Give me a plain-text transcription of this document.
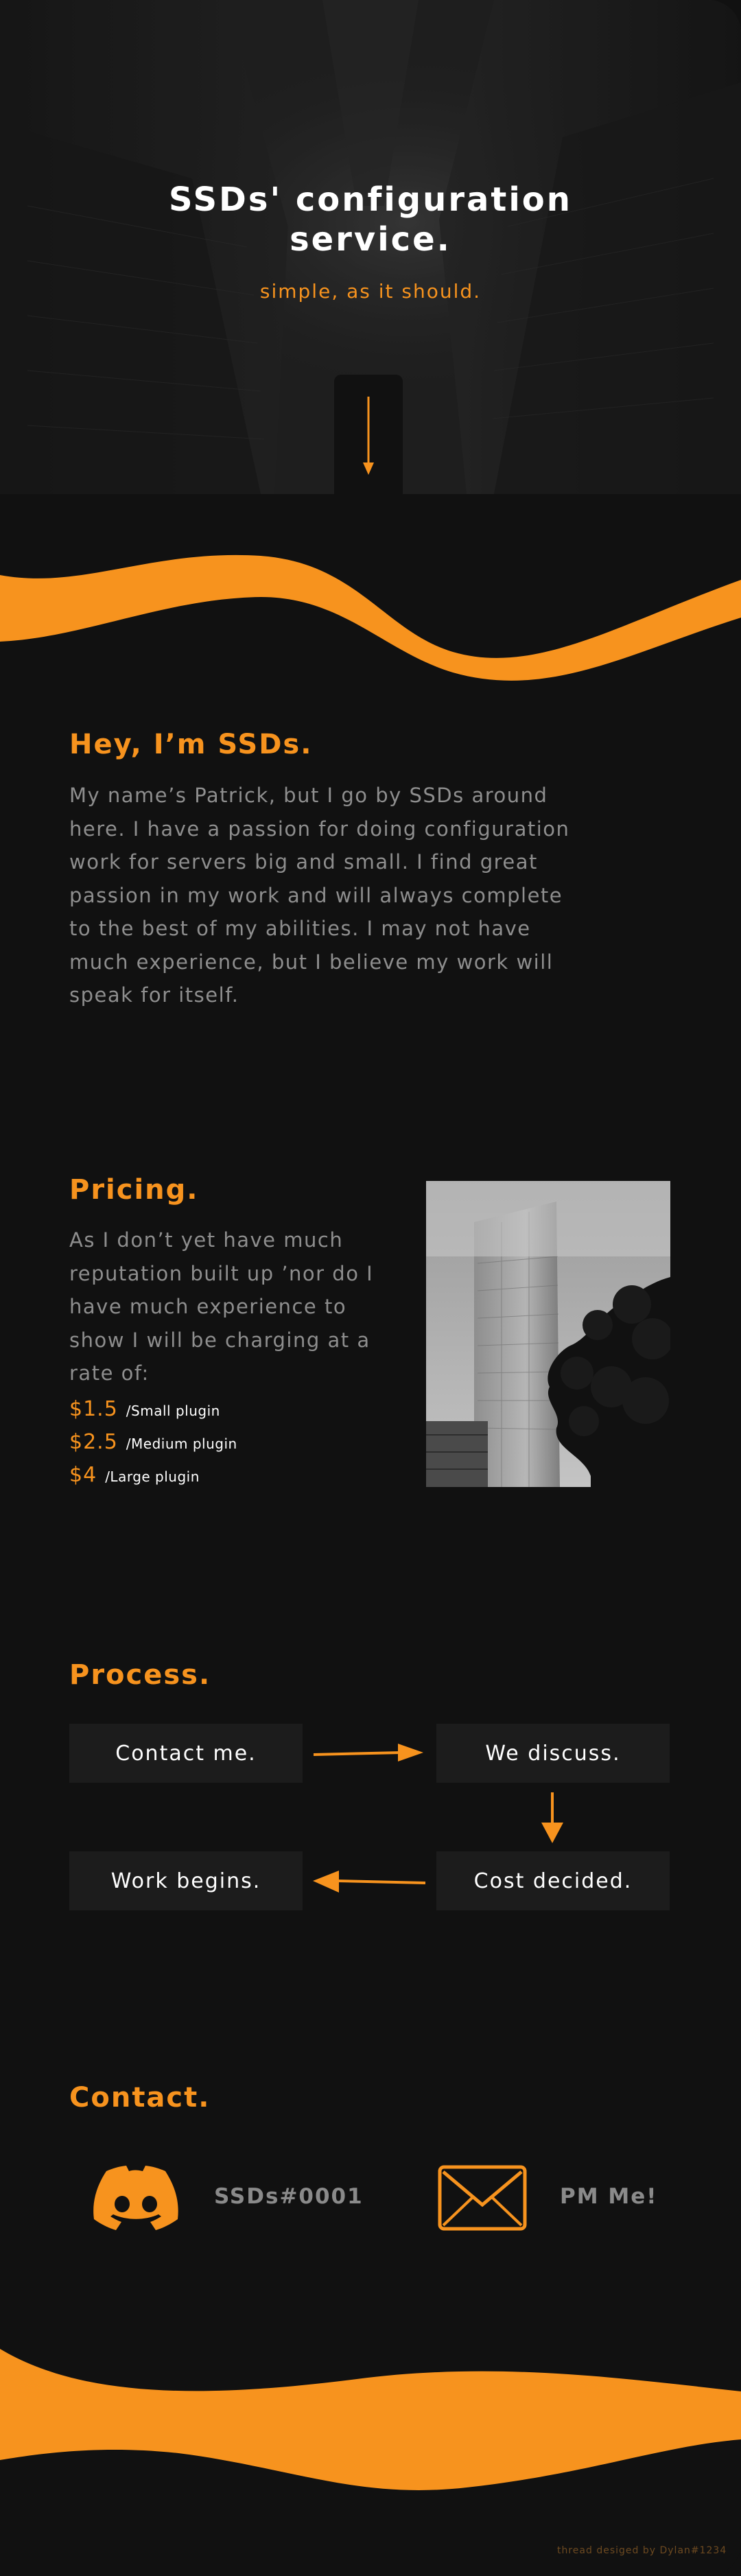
SSDs' configuration
service.
simple, as it should.
Hey, I’m SSDs.
My name’s Patrick, but I go by SSDs around here. I have a passion for doing configuration work for servers big and small. I find great passion in my work and will always complete to the best of my abilities. I may not have much experience, but I believe my work will speak for itself.
Pricing.
As I don’t yet have much reputation built up ’nor do I have much experience to show I will be charging at a rate of:
$1.5 /Small plugin
$2.5 /Medium plugin
$4 /Large plugin
Process.
Contact me.	We discuss.
Cost decided.
Work begins.
Contact.
SSDs#0001	PM Me!
thread desiged by Dylan#1234
